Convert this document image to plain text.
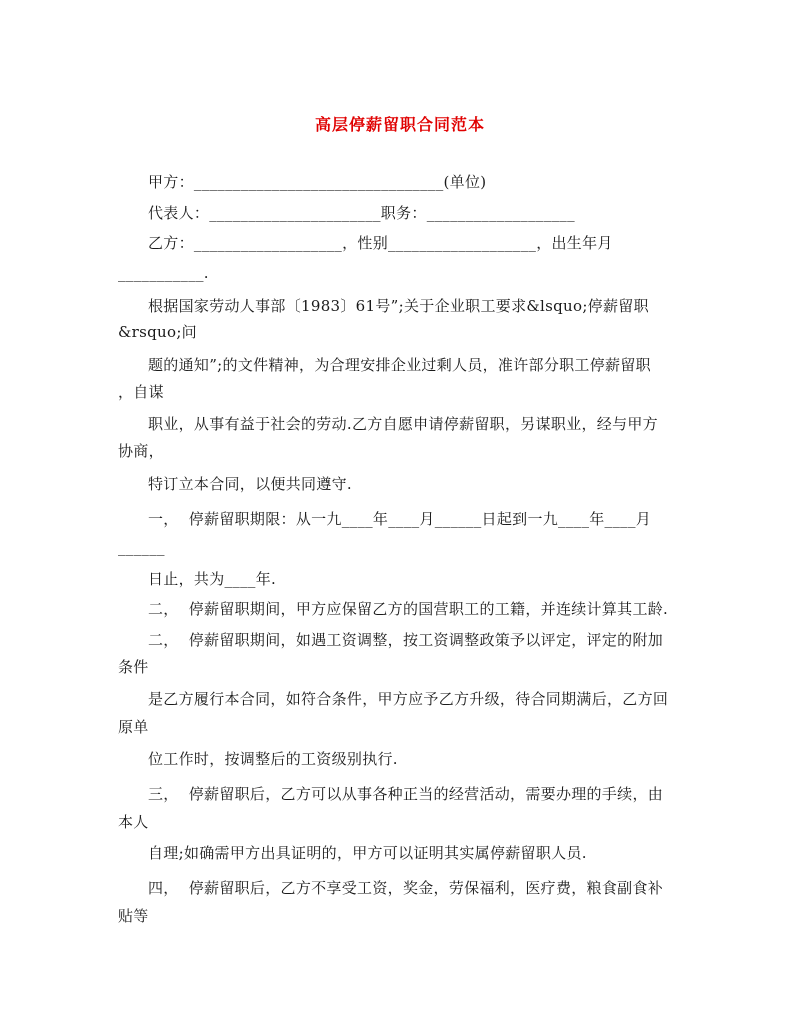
高层停薪留职合同范本
甲方：________________________________(单位)
代表人：______________________职务：___________________
乙方：___________________，性别___________________，出生年月
___________.
根据国家劳动人事部〔1983〕61号”;关于企业职工要求&lsquo;停薪留职
&rsquo;问
题的通知”;的文件精神，为合理安排企业过剩人员，准许部分职工停薪留职
，自谋
职业，从事有益于社会的劳动.乙方自愿申请停薪留职，另谋职业，经与甲方
协商，
特订立本合同，以便共同遵守.
一，  停薪留职期限：从一九____年____月______日起到一九____年____月
______
日止，共为____年.
二，  停薪留职期间，甲方应保留乙方的国营职工的工籍，并连续计算其工龄.
二，  停薪留职期间，如遇工资调整，按工资调整政策予以评定，评定的附加
条件
是乙方履行本合同，如符合条件，甲方应予乙方升级，待合同期满后，乙方回
原单
位工作时，按调整后的工资级别执行.
三，  停薪留职后，乙方可以从事各种正当的经营活动，需要办理的手续，由
本人
自理;如确需甲方出具证明的，甲方可以证明其实属停薪留职人员.
四，  停薪留职后，乙方不享受工资，奖金，劳保福利，医疗费，粮食副食补
贴等
